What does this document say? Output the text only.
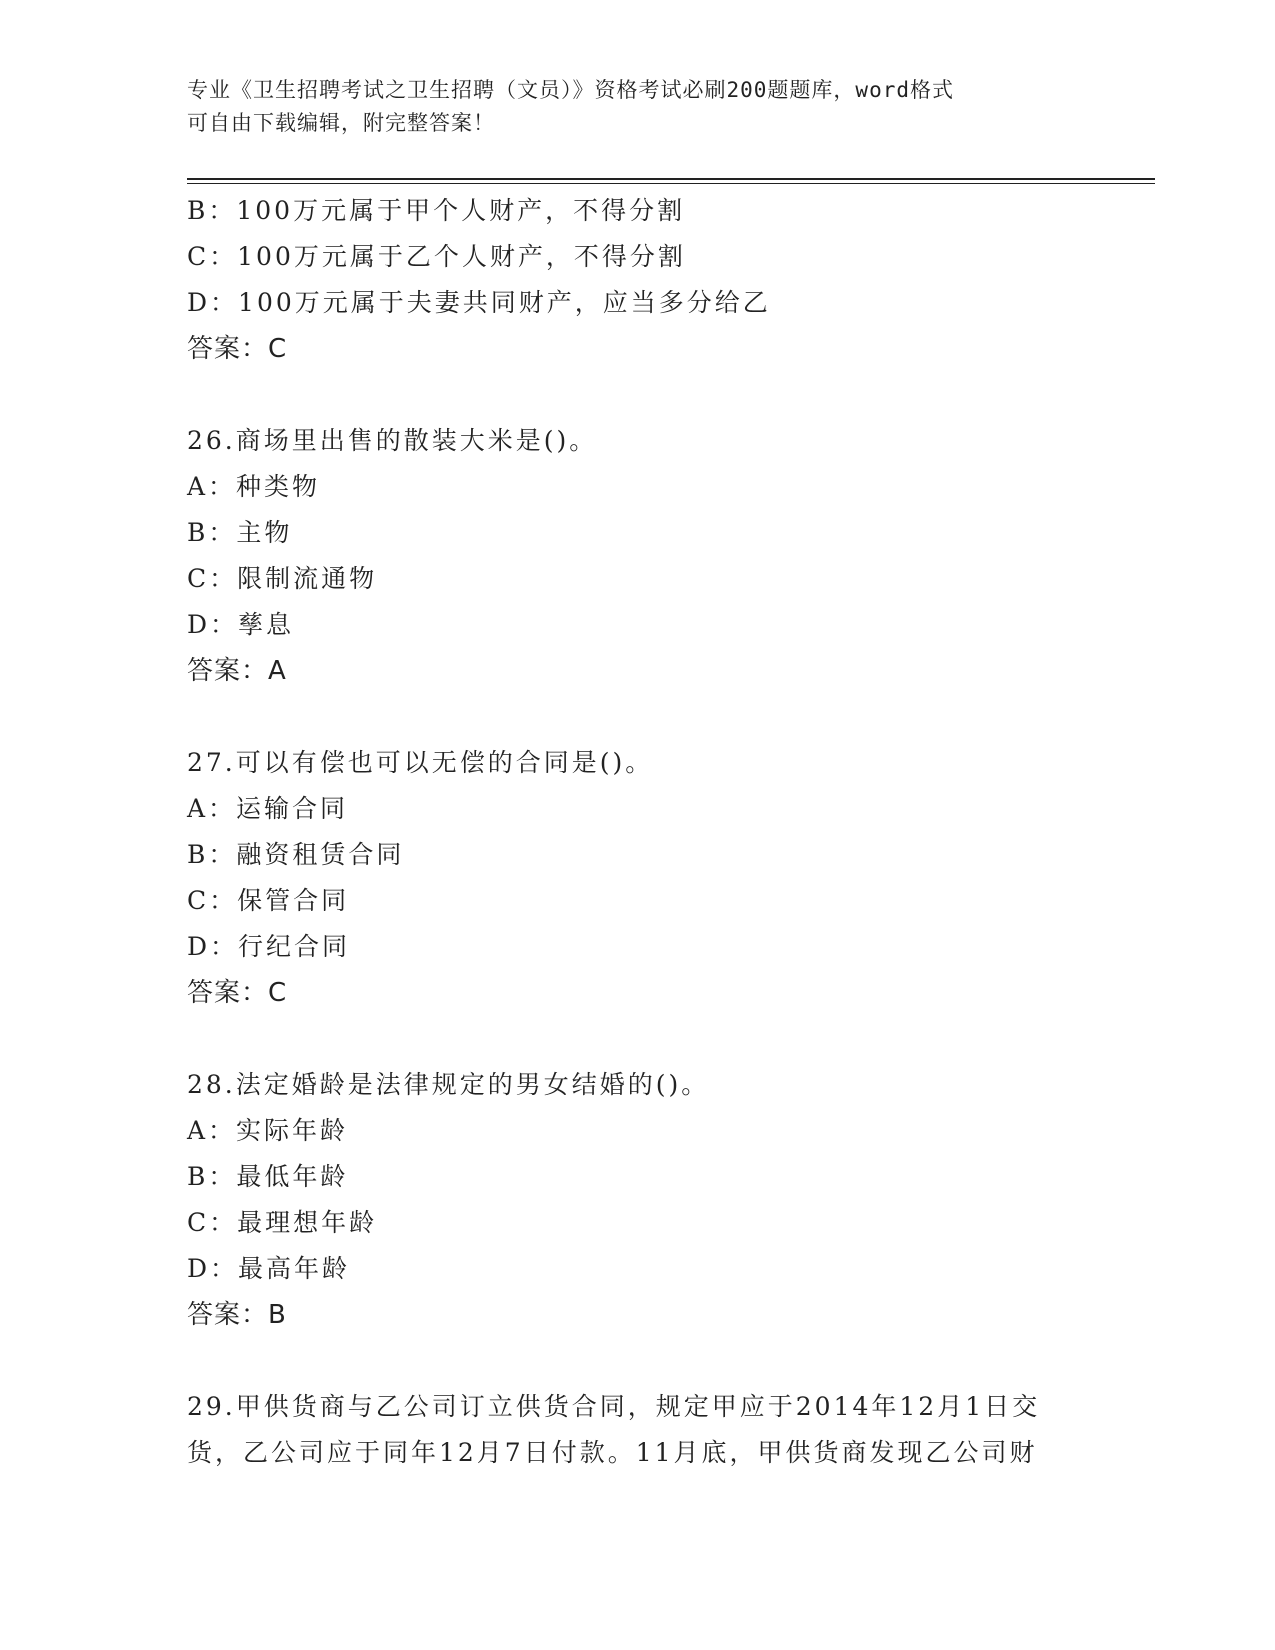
专业《卫生招聘考试之卫生招聘（文员）》资格考试必刷200题题库，word格式
可自由下载编辑，附完整答案！
B：100万元属于甲个人财产，不得分割
C：100万元属于乙个人财产，不得分割
D：100万元属于夫妻共同财产，应当多分给乙
答案：C
26.商场里出售的散装大米是()。
A：种类物
B：主物
C：限制流通物
D：孳息
答案：A
27.可以有偿也可以无偿的合同是()。
A：运输合同
B：融资租赁合同
C：保管合同
D：行纪合同
答案：C
28.法定婚龄是法律规定的男女结婚的()。
A：实际年龄
B：最低年龄
C：最理想年龄
D：最高年龄
答案：B
29.甲供货商与乙公司订立供货合同，规定甲应于2014年12月1日交
货，乙公司应于同年12月7日付款。11月底，甲供货商发现乙公司财
